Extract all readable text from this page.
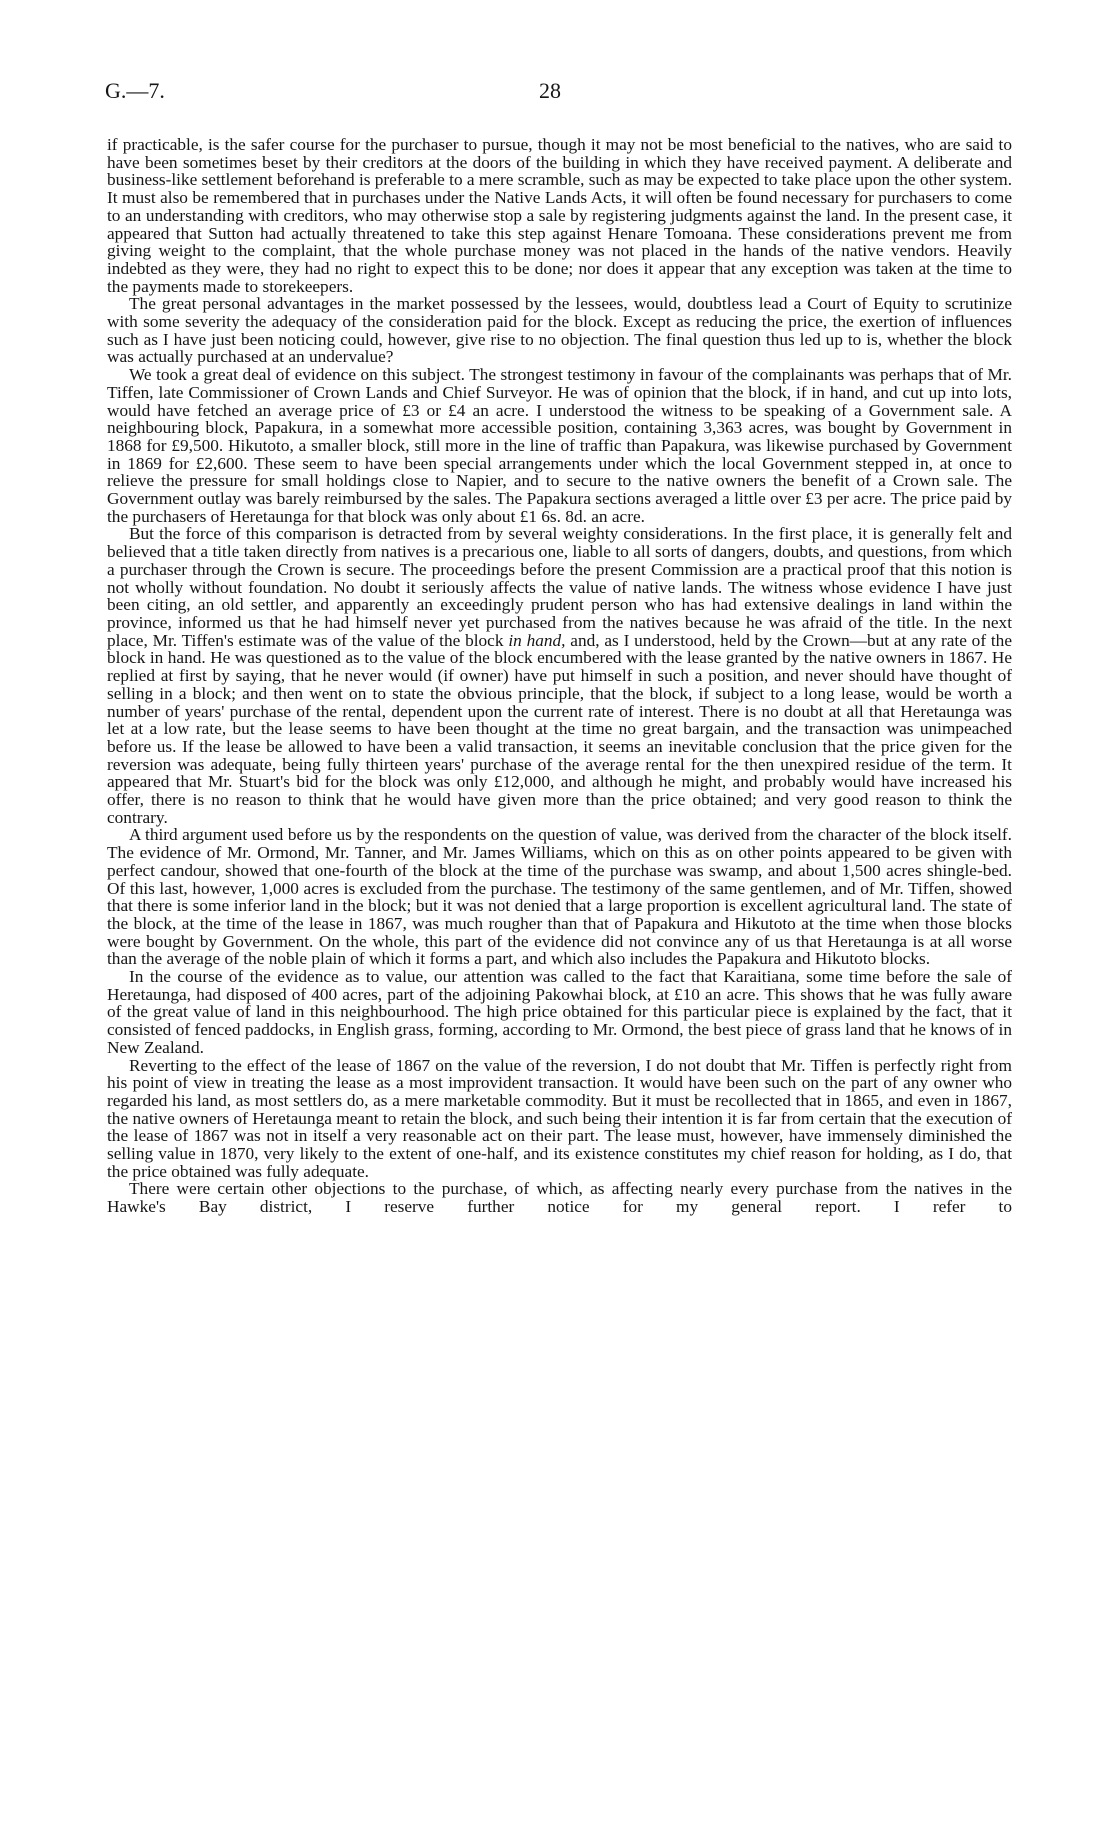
G.—7.	28

if practicable, is the safer course for the purchaser to pursue, though it may not be most beneficial to the natives, who are said to have been sometimes beset by their creditors at the doors of the building in which they have received payment. A deliberate and business-like settlement beforehand is preferable to a mere scramble, such as may be expected to take place upon the other system. It must also be remembered that in purchases under the Native Lands Acts, it will often be found necessary for purchasers to come to an understanding with creditors, who may otherwise stop a sale by registering judgments against the land. In the present case, it appeared that Sutton had actually threatened to take this step against Henare Tomoana. These considerations prevent me from giving weight to the complaint, that the whole purchase money was not placed in the hands of the native vendors. Heavily indebted as they were, they had no right to expect this to be done; nor does it appear that any exception was taken at the time to the payments made to storekeepers.

The great personal advantages in the market possessed by the lessees, would, doubtless lead a Court of Equity to scrutinize with some severity the adequacy of the consideration paid for the block. Except as reducing the price, the exertion of influences such as I have just been noticing could, however, give rise to no objection. The final question thus led up to is, whether the block was actually purchased at an undervalue?

We took a great deal of evidence on this subject. The strongest testimony in favour of the complainants was perhaps that of Mr. Tiffen, late Commissioner of Crown Lands and Chief Surveyor. He was of opinion that the block, if in hand, and cut up into lots, would have fetched an average price of £3 or £4 an acre. I understood the witness to be speaking of a Government sale. A neighbouring block, Papakura, in a somewhat more accessible position, containing 3,363 acres, was bought by Government in 1868 for £9,500. Hikutoto, a smaller block, still more in the line of traffic than Papakura, was likewise purchased by Government in 1869 for £2,600. These seem to have been special arrangements under which the local Government stepped in, at once to relieve the pressure for small holdings close to Napier, and to secure to the native owners the benefit of a Crown sale. The Government outlay was barely reimbursed by the sales. The Papakura sections averaged a little over £3 per acre. The price paid by the purchasers of Heretaunga for that block was only about £1 6s. 8d. an acre.

But the force of this comparison is detracted from by several weighty considerations. In the first place, it is generally felt and believed that a title taken directly from natives is a precarious one, liable to all sorts of dangers, doubts, and questions, from which a purchaser through the Crown is secure. The proceedings before the present Commission are a practical proof that this notion is not wholly without foundation. No doubt it seriously affects the value of native lands. The witness whose evidence I have just been citing, an old settler, and apparently an exceedingly prudent person who has had extensive dealings in land within the province, informed us that he had himself never yet purchased from the natives because he was afraid of the title. In the next place, Mr. Tiffen's estimate was of the value of the block in hand, and, as I understood, held by the Crown—but at any rate of the block in hand. He was questioned as to the value of the block encumbered with the lease granted by the native owners in 1867. He replied at first by saying, that he never would (if owner) have put himself in such a position, and never should have thought of selling in a block; and then went on to state the obvious principle, that the block, if subject to a long lease, would be worth a number of years' purchase of the rental, dependent upon the current rate of interest. There is no doubt at all that Heretaunga was let at a low rate, but the lease seems to have been thought at the time no great bargain, and the transaction was unimpeached before us. If the lease be allowed to have been a valid transaction, it seems an inevitable conclusion that the price given for the reversion was adequate, being fully thirteen years' purchase of the average rental for the then unexpired residue of the term. It appeared that Mr. Stuart's bid for the block was only £12,000, and although he might, and probably would have increased his offer, there is no reason to think that he would have given more than the price obtained; and very good reason to think the contrary.

A third argument used before us by the respondents on the question of value, was derived from the character of the block itself. The evidence of Mr. Ormond, Mr. Tanner, and Mr. James Williams, which on this as on other points appeared to be given with perfect candour, showed that one-fourth of the block at the time of the purchase was swamp, and about 1,500 acres shingle-bed. Of this last, however, 1,000 acres is excluded from the purchase. The testimony of the same gentlemen, and of Mr. Tiffen, showed that there is some inferior land in the block; but it was not denied that a large proportion is excellent agricultural land. The state of the block, at the time of the lease in 1867, was much rougher than that of Papakura and Hikutoto at the time when those blocks were bought by Government. On the whole, this part of the evidence did not convince any of us that Heretaunga is at all worse than the average of the noble plain of which it forms a part, and which also includes the Papakura and Hikutoto blocks.

In the course of the evidence as to value, our attention was called to the fact that Karaitiana, some time before the sale of Heretaunga, had disposed of 400 acres, part of the adjoining Pakowhai block, at £10 an acre. This shows that he was fully aware of the great value of land in this neighbourhood. The high price obtained for this particular piece is explained by the fact, that it consisted of fenced paddocks, in English grass, forming, according to Mr. Ormond, the best piece of grass land that he knows of in New Zealand.

Reverting to the effect of the lease of 1867 on the value of the reversion, I do not doubt that Mr. Tiffen is perfectly right from his point of view in treating the lease as a most improvident transaction. It would have been such on the part of any owner who regarded his land, as most settlers do, as a mere marketable commodity. But it must be recollected that in 1865, and even in 1867, the native owners of Heretaunga meant to retain the block, and such being their intention it is far from certain that the execution of the lease of 1867 was not in itself a very reasonable act on their part. The lease must, however, have immensely diminished the selling value in 1870, very likely to the extent of one-half, and its existence constitutes my chief reason for holding, as I do, that the price obtained was fully adequate.

There were certain other objections to the purchase, of which, as affecting nearly every purchase from the natives in the Hawke's Bay district, I reserve further notice for my general report. I refer to
